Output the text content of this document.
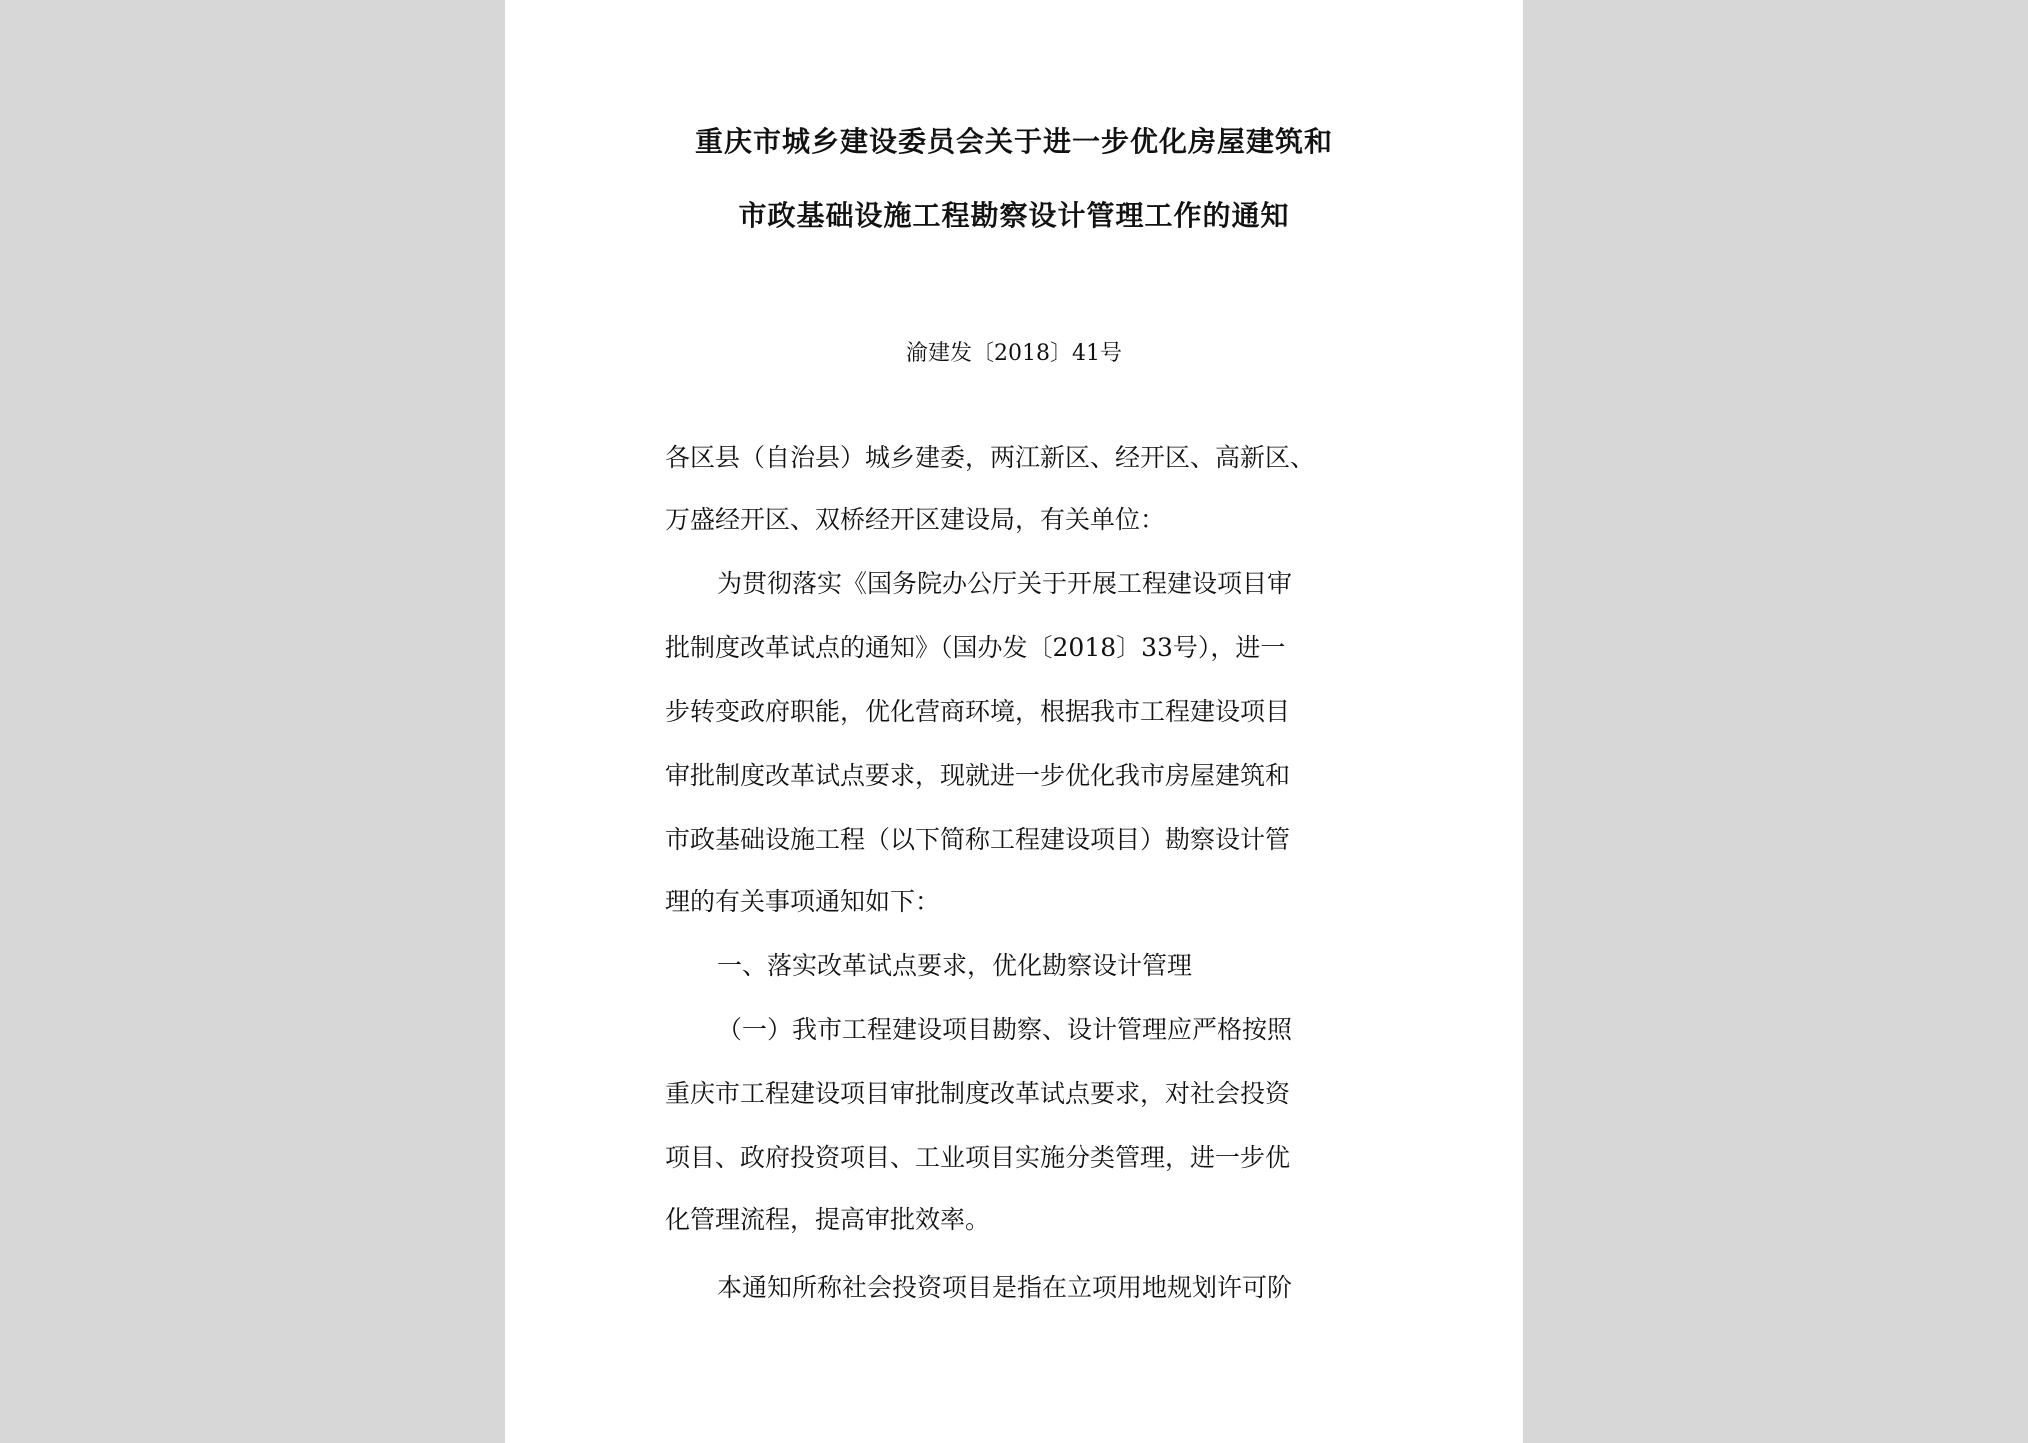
重庆市城乡建设委员会关于进一步优化房屋建筑和
市政基础设施工程勘察设计管理工作的通知
渝建发〔2018〕41号
各区县（自治县）城乡建委，两江新区、经开区、高新区、
万盛经开区、双桥经开区建设局，有关单位：
为贯彻落实《国务院办公厅关于开展工程建设项目审
批制度改革试点的通知》（国办发〔2018〕33号），进一
步转变政府职能，优化营商环境，根据我市工程建设项目
审批制度改革试点要求，现就进一步优化我市房屋建筑和
市政基础设施工程（以下简称工程建设项目）勘察设计管
理的有关事项通知如下：
一、落实改革试点要求，优化勘察设计管理
（一）我市工程建设项目勘察、设计管理应严格按照
重庆市工程建设项目审批制度改革试点要求，对社会投资
项目、政府投资项目、工业项目实施分类管理，进一步优
化管理流程，提高审批效率。
本通知所称社会投资项目是指在立项用地规划许可阶
